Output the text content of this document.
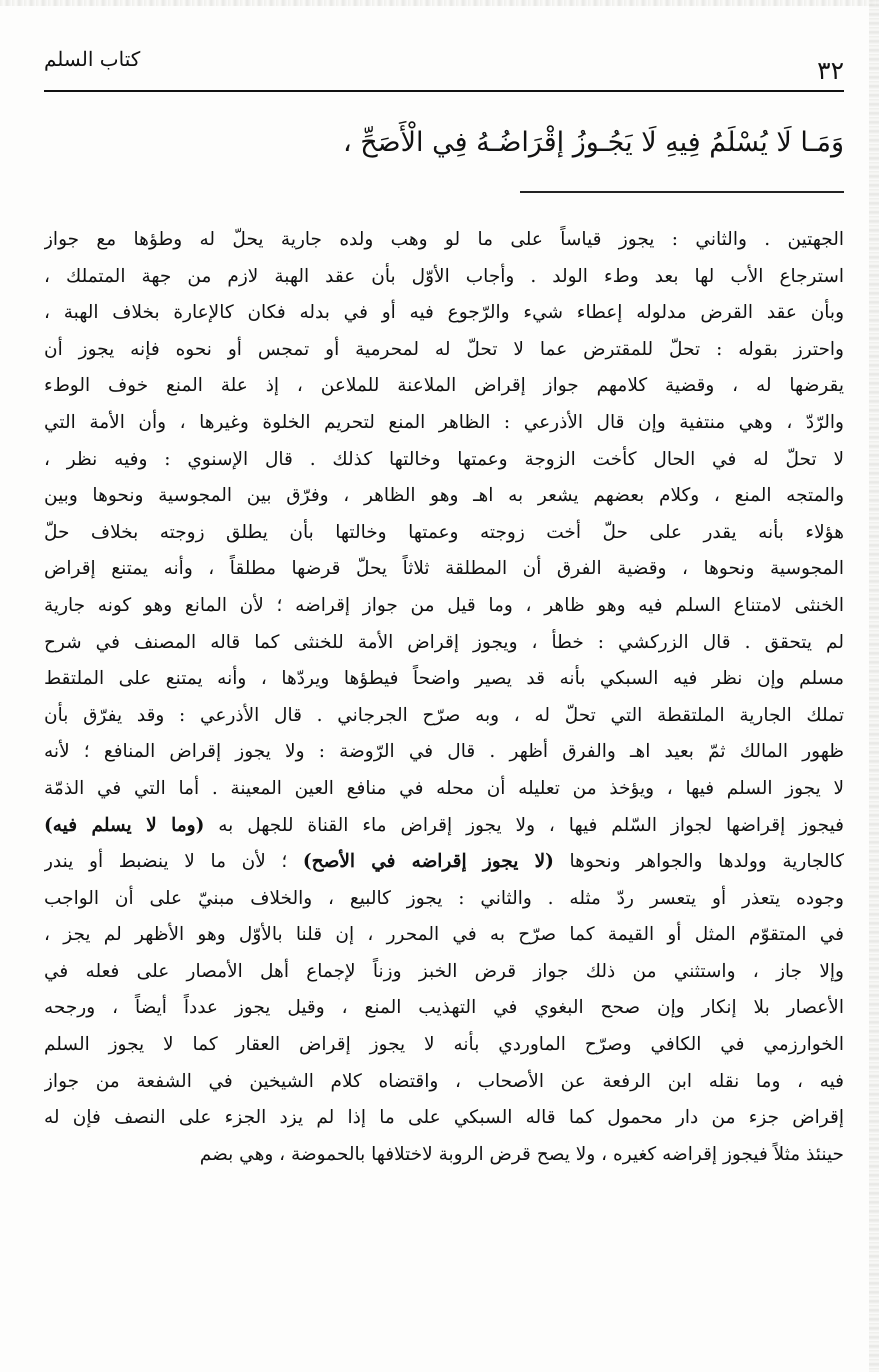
٣٢
كتاب السلم
وَمَـا لَا يُسْلَمُ فِيهِ لَا يَجُـوزُ إقْرَاضُـهُ فِي الْأَصَحِّ ،
الجهتين . والثاني : يجوز قياساً على ما لو وهب ولده جارية يحلّ له وطؤها مع جواز
استرجاع الأب لها بعد وطء الولد . وأجاب الأوّل بأن عقد الهبة لازم من جهة المتملك ،
وبأن عقد القرض مدلوله إعطاء شيء والرّجوع فيه أو في بدله فكان كالإعارة بخلاف الهبة ،
واحترز بقوله : تحلّ للمقترض عما لا تحلّ له لمحرمية أو تمجس أو نحوه فإنه يجوز أن
يقرضها له ، وقضية كلامهم جواز إقراض الملاعنة للملاعن ، إذ علة المنع خوف الوطء
والرّدّ ، وهي منتفية وإن قال الأذرعي : الظاهر المنع لتحريم الخلوة وغيرها ، وأن الأمة التي
لا تحلّ له في الحال كأخت الزوجة وعمتها وخالتها كذلك . قال الإسنوي : وفيه نظر ،
والمتجه المنع ، وكلام بعضهم يشعر به اهـ وهو الظاهر ، وفرّق بين المجوسية ونحوها وبين
هؤلاء بأنه يقدر على حلّ أخت زوجته وعمتها وخالتها بأن يطلق زوجته بخلاف حلّ
المجوسية ونحوها ، وقضية الفرق أن المطلقة ثلاثاً يحلّ قرضها مطلقاً ، وأنه يمتنع إقراض
الخنثى لامتناع السلم فيه وهو ظاهر ، وما قيل من جواز إقراضه ؛ لأن المانع وهو كونه جارية
لم يتحقق . قال الزركشي : خطأ ، ويجوز إقراض الأمة للخنثى كما قاله المصنف في شرح
مسلم وإن نظر فيه السبكي بأنه قد يصير واضحاً فيطؤها ويردّها ، وأنه يمتنع على الملتقط
تملك الجارية الملتقطة التي تحلّ له ، وبه صرّح الجرجاني . قال الأذرعي : وقد يفرّق بأن
ظهور المالك ثمّ بعيد اهـ والفرق أظهر . قال في الرّوضة : ولا يجوز إقراض المنافع ؛ لأنه
لا يجوز السلم فيها ، ويؤخذ من تعليله أن محله في منافع العين المعينة . أما التي في الذمّة
فيجوز إقراضها لجواز السّلم فيها ، ولا يجوز إقراض ماء القناة للجهل به (وما لا يسلم فيه)
كالجارية وولدها والجواهر ونحوها (لا يجوز إقراضه في الأصح) ؛ لأن ما لا ينضبط أو يندر
وجوده يتعذر أو يتعسر ردّ مثله . والثاني : يجوز كالبيع ، والخلاف مبنيّ على أن الواجب
في المتقوّم المثل أو القيمة كما صرّح به في المحرر ، إن قلنا بالأوّل وهو الأظهر لم يجز ،
وإلا جاز ، واستثني من ذلك جواز قرض الخبز وزناً لإجماع أهل الأمصار على فعله في
الأعصار بلا إنكار وإن صحح البغوي في التهذيب المنع ، وقيل يجوز عدداً أيضاً ، ورجحه
الخوارزمي في الكافي وصرّح الماوردي بأنه لا يجوز إقراض العقار كما لا يجوز السلم
فيه ، وما نقله ابن الرفعة عن الأصحاب ، واقتضاه كلام الشيخين في الشفعة من جواز
إقراض جزء من دار محمول كما قاله السبكي على ما إذا لم يزد الجزء على النصف فإن له
حينئذ مثلاً فيجوز إقراضه كغيره ، ولا يصح قرض الروبة لاختلافها بالحموضة ، وهي بضم
